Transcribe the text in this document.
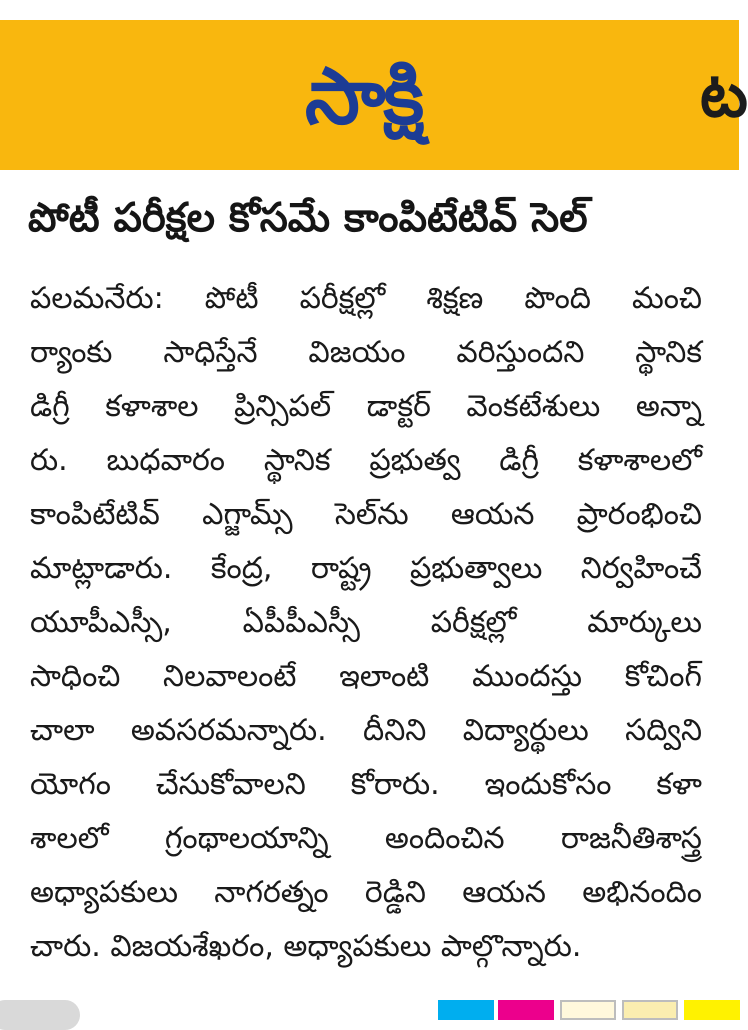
సాక్షి	ట
పోటీ పరీక్షల కోసమే కాంపిటేటివ్ సెల్
పలమనేరు: పోటీ పరీక్షల్లో శిక్షణ పొంది మంచి
ర్యాంకు సాధిస్తేనే విజయం వరిస్తుందని స్థానిక
డిగ్రీ కళాశాల ప్రిన్సిపల్ డాక్టర్ వెంకటేశులు అన్నా
రు. బుధవారం స్థానిక ప్రభుత్వ డిగ్రీ కళాశాలలో
కాంపిటేటివ్ ఎగ్జామ్స్ సెల్‌ను ఆయన ప్రారంభించి
మాట్లాడారు. కేంద్ర, రాష్ట్ర ప్రభుత్వాలు నిర్వహించే
యూపీఎస్సీ, ఏపీపీఎస్సీ పరీక్షల్లో మార్కులు
సాధించి నిలవాలంటే ఇలాంటి ముందస్తు కోచింగ్
చాలా అవసరమన్నారు. దీనిని విద్యార్థులు సద్విని
యోగం చేసుకోవాలని కోరారు. ఇందుకోసం కళా
శాలలో గ్రంథాలయాన్ని అందించిన రాజనీతిశాస్త్ర
అధ్యాపకులు నాగరత్నం రెడ్డిని ఆయన అభినందిం
చారు. విజయశేఖరం, అధ్యాపకులు పాల్గొన్నారు.
